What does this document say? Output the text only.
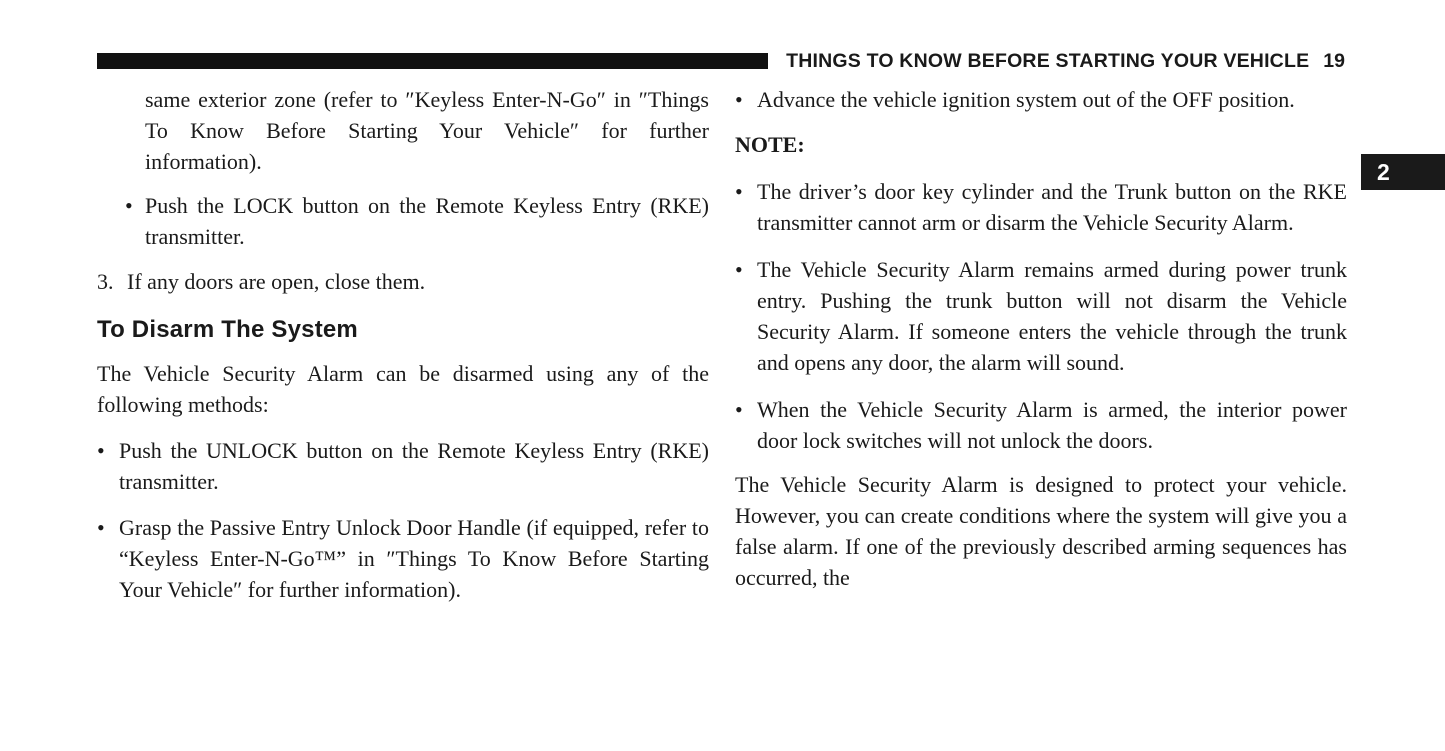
THINGS TO KNOW BEFORE STARTING YOUR VEHICLE 19
2
same exterior zone (refer to ″Keyless Enter-N-Go″ in ″Things To Know Before Starting Your Vehicle″ for further information).
•
Push the LOCK button on the Remote Keyless Entry (RKE) transmitter.
3. If any doors are open, close them.
To Disarm The System
The Vehicle Security Alarm can be disarmed using any of the following methods:
•
Push the UNLOCK button on the Remote Keyless Entry (RKE) transmitter.
•
Grasp the Passive Entry Unlock Door Handle (if equipped, refer to “Keyless Enter-N-Go™” in ″Things To Know Before Starting Your Vehicle″ for further information).
•
Advance the vehicle ignition system out of the OFF position.
NOTE:
•
The driver’s door key cylinder and the Trunk button on the RKE transmitter cannot arm or disarm the Vehicle Security Alarm.
•
The Vehicle Security Alarm remains armed during power trunk entry. Pushing the trunk button will not disarm the Vehicle Security Alarm. If someone enters the vehicle through the trunk and opens any door, the alarm will sound.
•
When the Vehicle Security Alarm is armed, the interior power door lock switches will not unlock the doors.
The Vehicle Security Alarm is designed to protect your vehicle. However, you can create conditions where the system will give you a false alarm. If one of the previously described arming sequences has occurred, the
